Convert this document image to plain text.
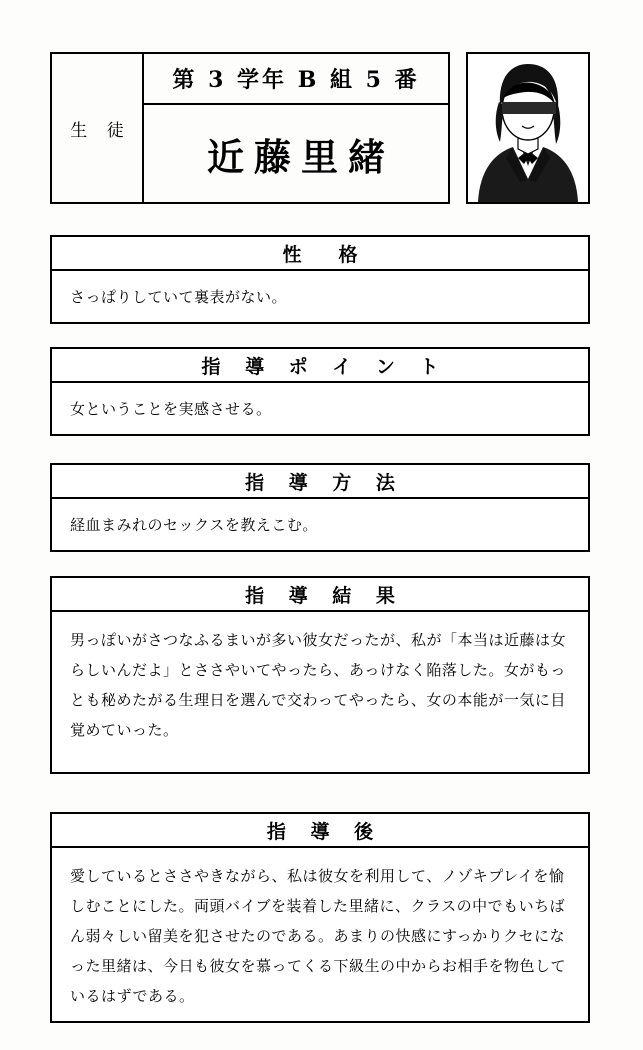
生 徒
第 3 学年 B 組 5 番
近藤里緒
性　格

さっぱりしていて裏表がない。

指 導 ポ イ ン ト

女ということを実感させる。

指 導 方 法

経血まみれのセックスを教えこむ。

指 導 結 果

男っぽいがさつなふるまいが多い彼女だったが、私が「本当は近藤は女らしいんだよ」とささやいてやったら、あっけなく陥落した。女がもっとも秘めたがる生理日を選んで交わってやったら、女の本能が一気に目覚めていった。

指 導 後

愛しているとささやきながら、私は彼女を利用して、ノゾキプレイを愉しむことにした。両頭バイブを装着した里緒に、クラスの中でもいちばん弱々しい留美を犯させたのである。あまりの快感にすっかりクセになった里緒は、今日も彼女を慕ってくる下級生の中からお相手を物色しているはずである。
